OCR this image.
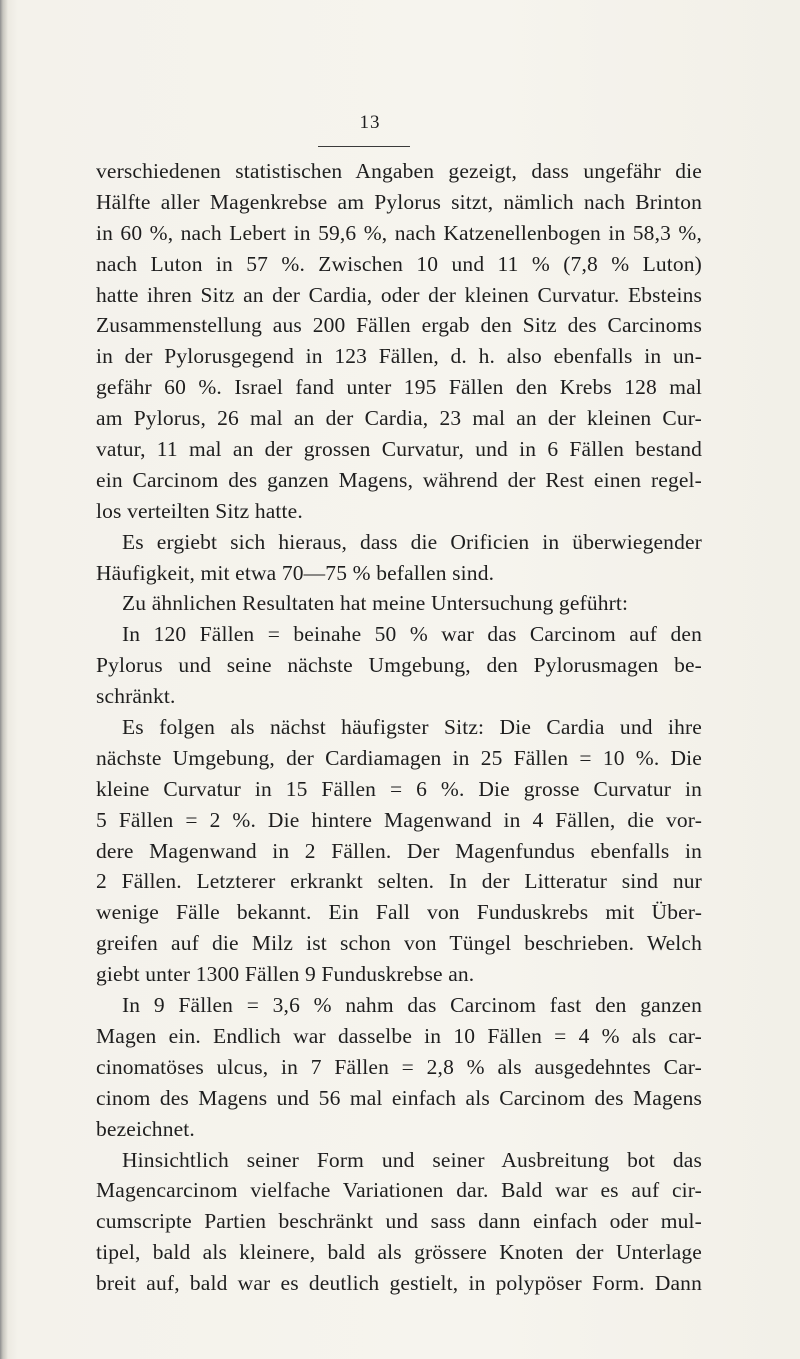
13
verschiedenen statistischen Angaben gezeigt, dass ungefähr die
Hälfte aller Magenkrebse am Pylorus sitzt, nämlich nach Brinton
in 60 %, nach Lebert in 59,6 %, nach Katzenellenbogen in 58,3 %,
nach Luton in 57 %. Zwischen 10 und 11 % (7,8 % Luton)
hatte ihren Sitz an der Cardia, oder der kleinen Curvatur. Ebsteins
Zusammenstellung aus 200 Fällen ergab den Sitz des Carcinoms
in der Pylorusgegend in 123 Fällen, d. h. also ebenfalls in un-
gefähr 60 %. Israel fand unter 195 Fällen den Krebs 128 mal
am Pylorus, 26 mal an der Cardia, 23 mal an der kleinen Cur-
vatur, 11 mal an der grossen Curvatur, und in 6 Fällen bestand
ein Carcinom des ganzen Magens, während der Rest einen regel-
los verteilten Sitz hatte.
Es ergiebt sich hieraus, dass die Orificien in überwiegender
Häufigkeit, mit etwa 70—75 % befallen sind.
Zu ähnlichen Resultaten hat meine Untersuchung geführt:
In 120 Fällen = beinahe 50 % war das Carcinom auf den
Pylorus und seine nächste Umgebung, den Pylorusmagen be-
schränkt.
Es folgen als nächst häufigster Sitz: Die Cardia und ihre
nächste Umgebung, der Cardiamagen in 25 Fällen = 10 %. Die
kleine Curvatur in 15 Fällen = 6 %. Die grosse Curvatur in
5 Fällen = 2 %. Die hintere Magenwand in 4 Fällen, die vor-
dere Magenwand in 2 Fällen. Der Magenfundus ebenfalls in
2 Fällen. Letzterer erkrankt selten. In der Litteratur sind nur
wenige Fälle bekannt. Ein Fall von Funduskrebs mit Über-
greifen auf die Milz ist schon von Tüngel beschrieben. Welch
giebt unter 1300 Fällen 9 Funduskrebse an.
In 9 Fällen = 3,6 % nahm das Carcinom fast den ganzen
Magen ein. Endlich war dasselbe in 10 Fällen = 4 % als car-
cinomatöses ulcus, in 7 Fällen = 2,8 % als ausgedehntes Car-
cinom des Magens und 56 mal einfach als Carcinom des Magens
bezeichnet.
Hinsichtlich seiner Form und seiner Ausbreitung bot das
Magencarcinom vielfache Variationen dar. Bald war es auf cir-
cumscripte Partien beschränkt und sass dann einfach oder mul-
tipel, bald als kleinere, bald als grössere Knoten der Unterlage
breit auf, bald war es deutlich gestielt, in polypöser Form. Dann
